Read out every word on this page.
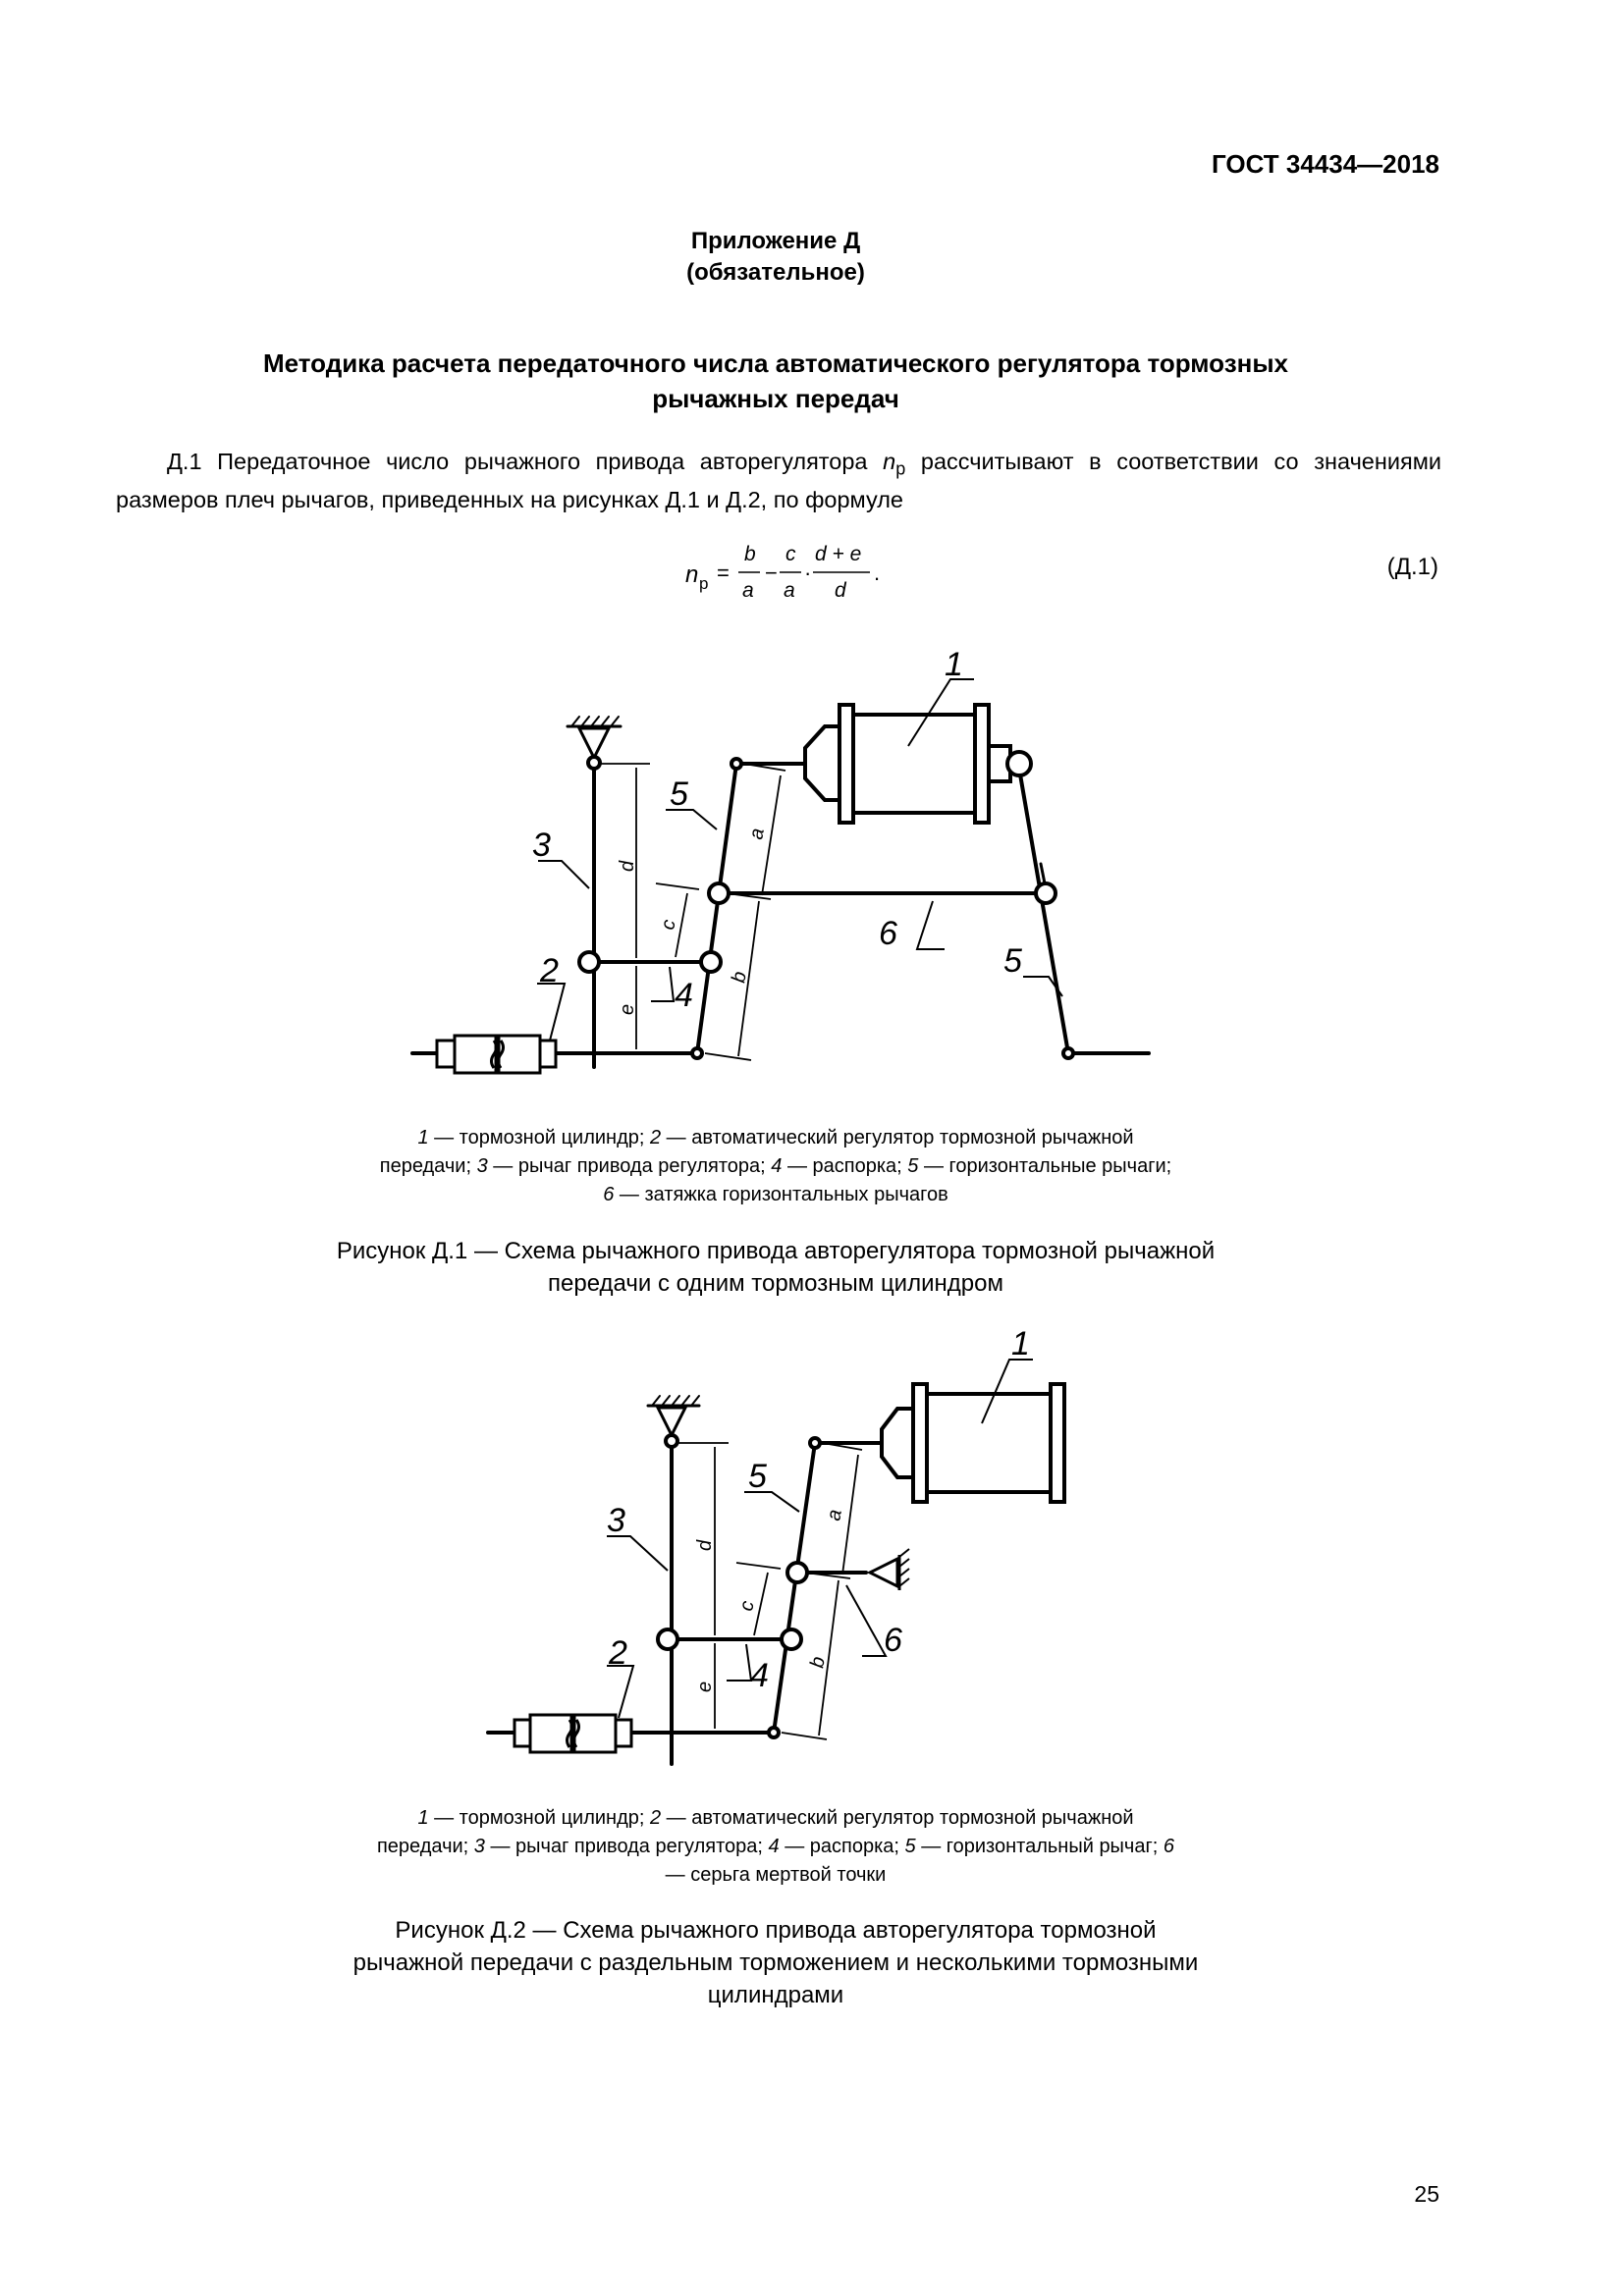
ГОСТ 34434—2018
Приложение Д
(обязательное)
Методика расчета передаточного числа автоматического регулятора тормозных
рычажных передач
Д.1 Передаточное число рычажного привода авторегулятора $n_р$ рассчитывают в соответствии со значениями размеров плеч рычагов, приведенных на рисунках Д.1 и Д.2, по формуле
n р =
b
a
−
c
a
·
d + e
d
.	(Д.1)
1
2
3
4
5
5
6
a
b
c
d
e
1 — тормозной цилиндр; 2 — автоматический регулятор тормозной рычажной передачи; 3 — рычаг привода регулятора; 4 — распорка; 5 — горизонтальные рычаги; 6 — затяжка горизонтальных рычагов
Рисунок Д.1 — Схема рычажного привода авторегулятора тормозной рычажной
передачи с одним тормозным цилиндром
1
2
3
4
5
6
a
b
c
d
e
1 — тормозной цилиндр; 2 — автоматический регулятор тормозной рычажной передачи; 3 — рычаг привода регулятора; 4 — распорка; 5 — горизонтальный рычаг; 6 — серьга мертвой точки
Рисунок Д.2 — Схема рычажного привода авторегулятора тормозной
рычажной передачи с раздельным торможением и несколькими тормозными
цилиндрами
25
